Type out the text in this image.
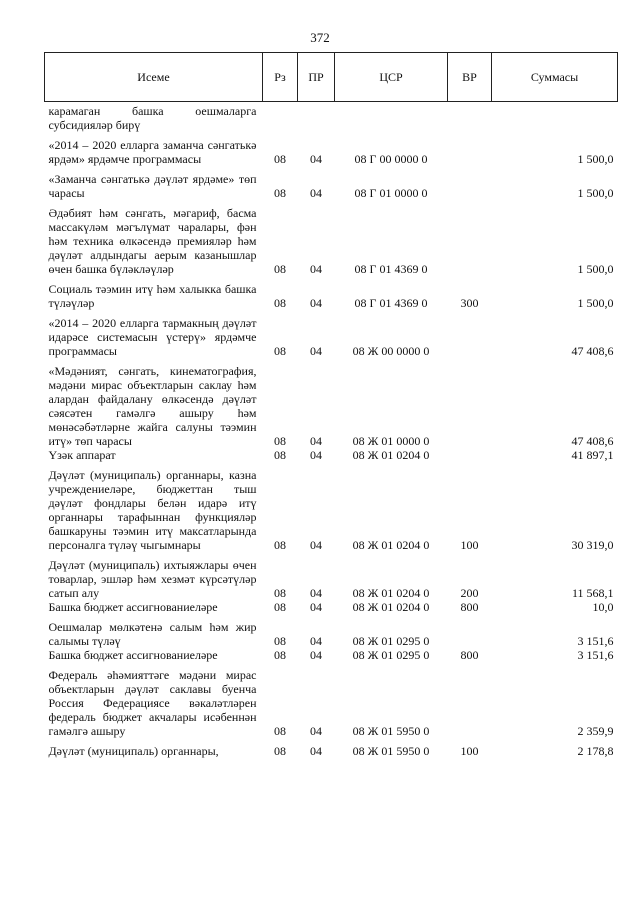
372
Исеме	Рз	ПР	ЦСР	ВР	Суммасы
карамаган башка оешмаларга субсидияләр бирү					
«2014 – 2020 елларга заманча сәнгатькә ярдәм» ярдәмче программасы	08	04	08 Г 00 0000 0		1 500,0
«Заманча сәнгатькә дәүләт ярдәме» төп чарасы	08	04	08 Г 01 0000 0		1 500,0
Әдәбият һәм сәнгать, мәгариф, басма массакүләм мәгълүмат чаралары, фән һәм техника өлкәсендә премияләр һәм дәүләт алдындагы аерым казанышлар өчен башка бүләкләүләр	08	04	08 Г 01 4369 0		1 500,0
Социаль тәэмин итү һәм халыкка башка түләүләр	08	04	08 Г 01 4369 0	300	1 500,0
«2014 – 2020 елларга тармакның дәүләт идарәсе системасын үстерү» ярдәмче программасы	08	04	08 Ж 00 0000 0		47 408,6
«Мәдәният, сәнгать, кинематография, мәдәни мирас объектларын саклау һәм алардан файдалану өлкәсендә дәүләт сәясәтен гамәлгә ашыру һәм мөнәсәбәтләрне жайга салуны тәэмин итү» төп чарасы	08	04	08 Ж 01 0000 0		47 408,6
Үзәк аппарат	08	04	08 Ж 01 0204 0		41 897,1
Дәүләт (муниципаль) органнары, казна учреждениеләре, бюджеттан тыш дәүләт фондлары белән идарә итү органнары тарафыннан функцияләр башкаруны тәэмин итү максатларында персоналга түләү чыгымнары	08	04	08 Ж 01 0204 0	100	30 319,0
Дәүләт (муниципаль) ихтыяжлары өчен товарлар, эшләр һәм хезмәт күрсәтүләр сатып алу	08	04	08 Ж 01 0204 0	200	11 568,1
Башка бюджет ассигнованиеләре	08	04	08 Ж 01 0204 0	800	10,0
Оешмалар мөлкәтенә салым һәм жир салымы түләү	08	04	08 Ж 01 0295 0		3 151,6
Башка бюджет ассигнованиеләре	08	04	08 Ж 01 0295 0	800	3 151,6
Федераль әһәмияттәге мәдәни мирас объектларын дәүләт саклавы буенча Россия Федерациясе вәкаләтләрен федераль бюджет акчалары исәбеннән гамәлгә ашыру	08	04	08 Ж 01 5950 0		2 359,9
Дәүләт (муниципаль) органнары,	08	04	08 Ж 01 5950 0	100	2 178,8
